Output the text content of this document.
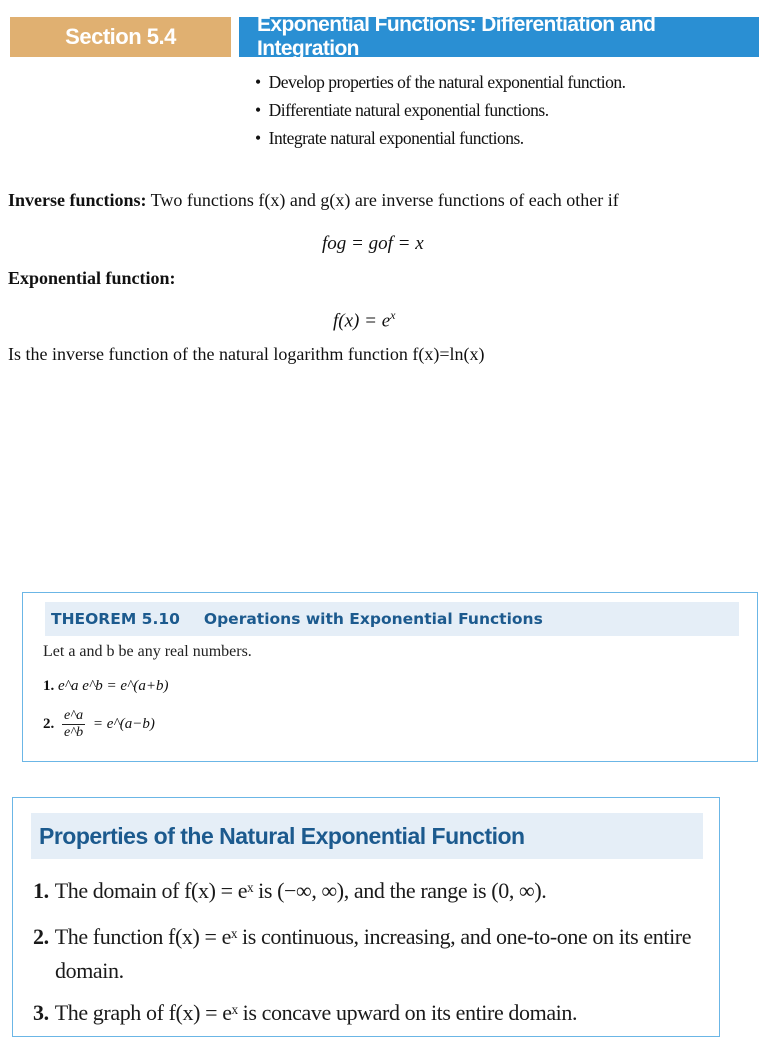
Section 5.4	Exponential Functions: Differentiation and Integration
• Develop properties of the natural exponential function.
• Differentiate natural exponential functions.
• Integrate natural exponential functions.
Inverse functions: Two functions f(x) and g(x) are inverse functions of each other if
fog = gof = x
Exponential function:
$f(x) = e^x$
Is the inverse function of the natural logarithm function f(x)=ln(x)
THEOREM 5.10 Operations with Exponential Functions
Let a and b be any real numbers.
1. e^a e^b = e^(a+b)
2. $\frac{e\^{}a}{e\^{}b}$ = e^(a−b)
Properties of the Natural Exponential Function
1. The domain of f(x) = eˣ is (−∞, ∞), and the range is (0, ∞).
2. The function f(x) = eˣ is continuous, increasing, and one-to-one on its entire
domain.
3. The graph of f(x) = eˣ is concave upward on its entire domain.
